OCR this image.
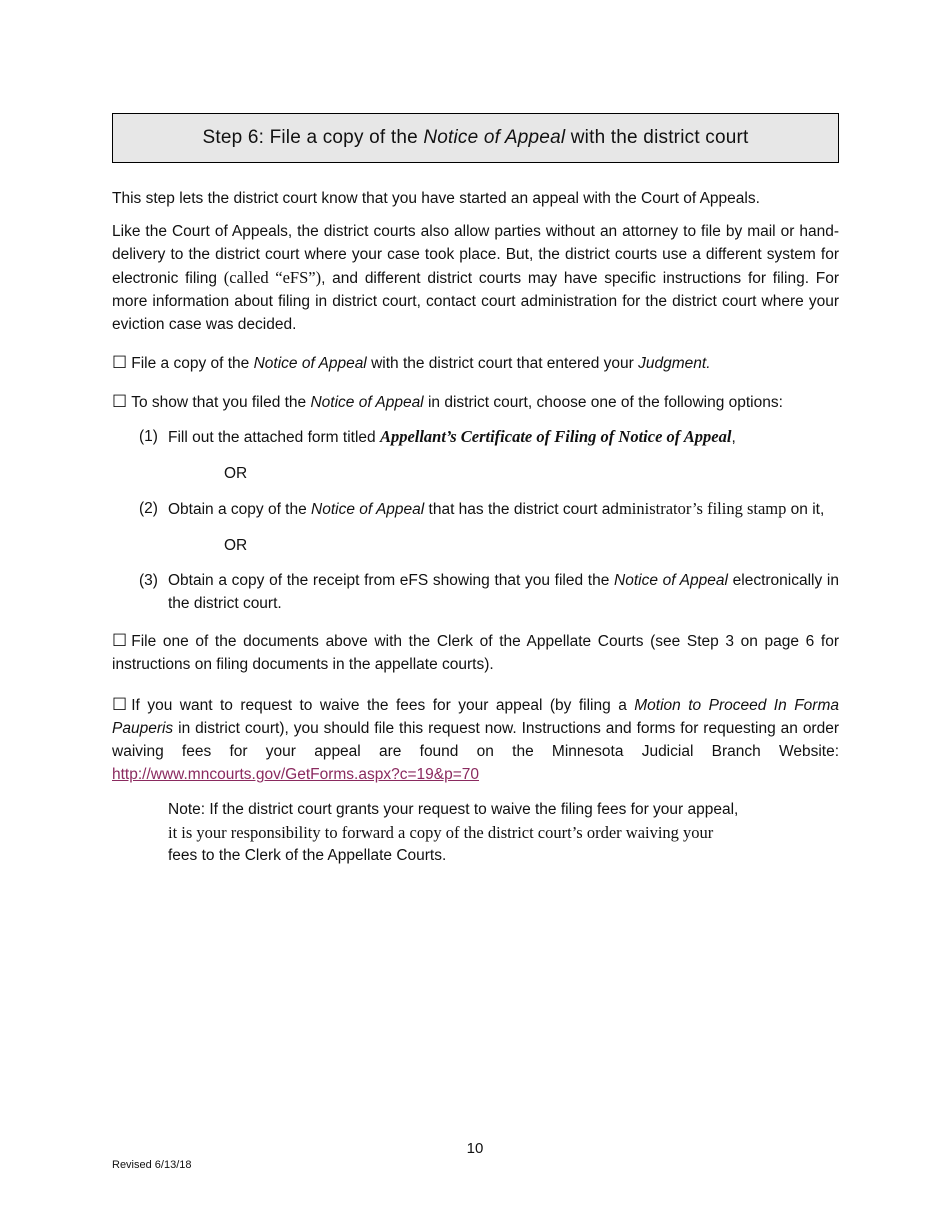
Step 6: File a copy of the Notice of Appeal with the district court

This step lets the district court know that you have started an appeal with the Court of Appeals.

Like the Court of Appeals, the district courts also allow parties without an attorney to file by mail or hand-delivery to the district court where your case took place. But, the district courts use a different system for electronic filing (called “eFS”), and different district courts may have specific instructions for filing. For more information about filing in district court, contact court administration for the district court where your eviction case was decided.

☐ File a copy of the Notice of Appeal with the district court that entered your Judgment.

☐ To show that you filed the Notice of Appeal in district court, choose one of the following options:

(1) Fill out the attached form titled Appellant’s Certificate of Filing of Notice of Appeal,
OR
(2) Obtain a copy of the Notice of Appeal that has the district court administrator’s filing stamp on it,
OR
(3) Obtain a copy of the receipt from eFS showing that you filed the Notice of Appeal electronically in the district court.

☐ File one of the documents above with the Clerk of the Appellate Courts (see Step 3 on page 6 for instructions on filing documents in the appellate courts).

☐ If you want to request to waive the fees for your appeal (by filing a Motion to Proceed In Forma Pauperis in district court), you should file this request now. Instructions and forms for requesting an order waiving fees for your appeal are found on the Minnesota Judicial Branch Website: http://www.mncourts.gov/GetForms.aspx?c=19&p=70

Note: If the district court grants your request to waive the filing fees for your appeal,
it is your responsibility to forward a copy of the district court’s order waiving your
fees to the Clerk of the Appellate Courts.
10
Revised 6/13/18
